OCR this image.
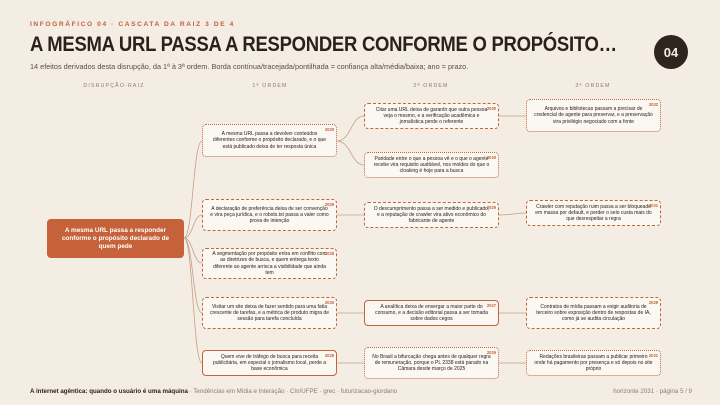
INFOGRÁFICO 04 · CASCATA DA RAIZ 3 DE 4
A MESMA URL PASSA A RESPONDER CONFORME O PROPÓSITO…
14 efeitos derivados desta disrupção, da 1ª à 3ª ordem. Borda contínua/tracejada/pontilhada = confiança alta/média/baixa; ano = prazo.
04
DISRUPÇÃO-RAIZ	1ª ORDEM	2ª ORDEM	3ª ORDEM
A mesma URL passa a responder conforme o propósito declarado de quem pede
A mesma URL passa a devolver conteúdos diferentes conforme o propósito declarado, e o que está publicado deixa de ter resposta única
2029
A declaração de preferência deixa de ser convenção e vira peça jurídica, e o robots.txt passa a valer como prova de intenção
2029
A segmentação por propósito entra em conflito com as diretrizes de busca, e quem entrega texto diferente ao agente arrisca a visibilidade que ainda tem
2028
Visitar um site deixa de fazer sentido para uma fatia crescente de tarefas, e a métrica de produto migra de sessão para tarefa concluída
2030
Quem vive de tráfego de busca para receita publicitária, em especial o jornalismo local, perde a base econômica
2028
Citar uma URL deixa de garantir que outra pessoa veja o mesmo, e a verificação acadêmica e jornalística perde o referente
2030
Paridade entre o que a pessoa vê e o que o agente recebe vira requisito auditável, nos moldes do que o cloaking é hoje para a busca
2030
O descumprimento passa a ser medido e publicado, e a reputação de crawler vira ativo econômico do fabricante de agente
2029
A analítica deixa de enxergar a maior parte do consumo, e a decisão editorial passa a ser tomada sobre dados cegos
2027
No Brasil a bifurcação chega antes de qualquer regra de remuneração, porque o PL 2338 está parado na Câmara desde março de 2025
2026
Arquivos e bibliotecas passam a precisar de credencial de agente para preservar, e a preservação vira privilégio negociado com a fonte
2032
Crawler com reputação ruim passa a ser bloqueado em massa por default, e perder o selo custa mais do que desrespeitar a regra
2031
Contratos de mídia passam a exigir auditoria de terceiro sobre exposição dentro de respostas de IA, como já se audita circulação
2029
Redações brasileiras passam a publicar primeiro onde há pagamento por presença e só depois no site próprio
2031
A internet agêntica: quando o usuário é uma máquina · Tendências em Mídia e Interação · CIn/UFPE · grec · futurizacao-giordano	horizonte 2031 · página 5 / 9
